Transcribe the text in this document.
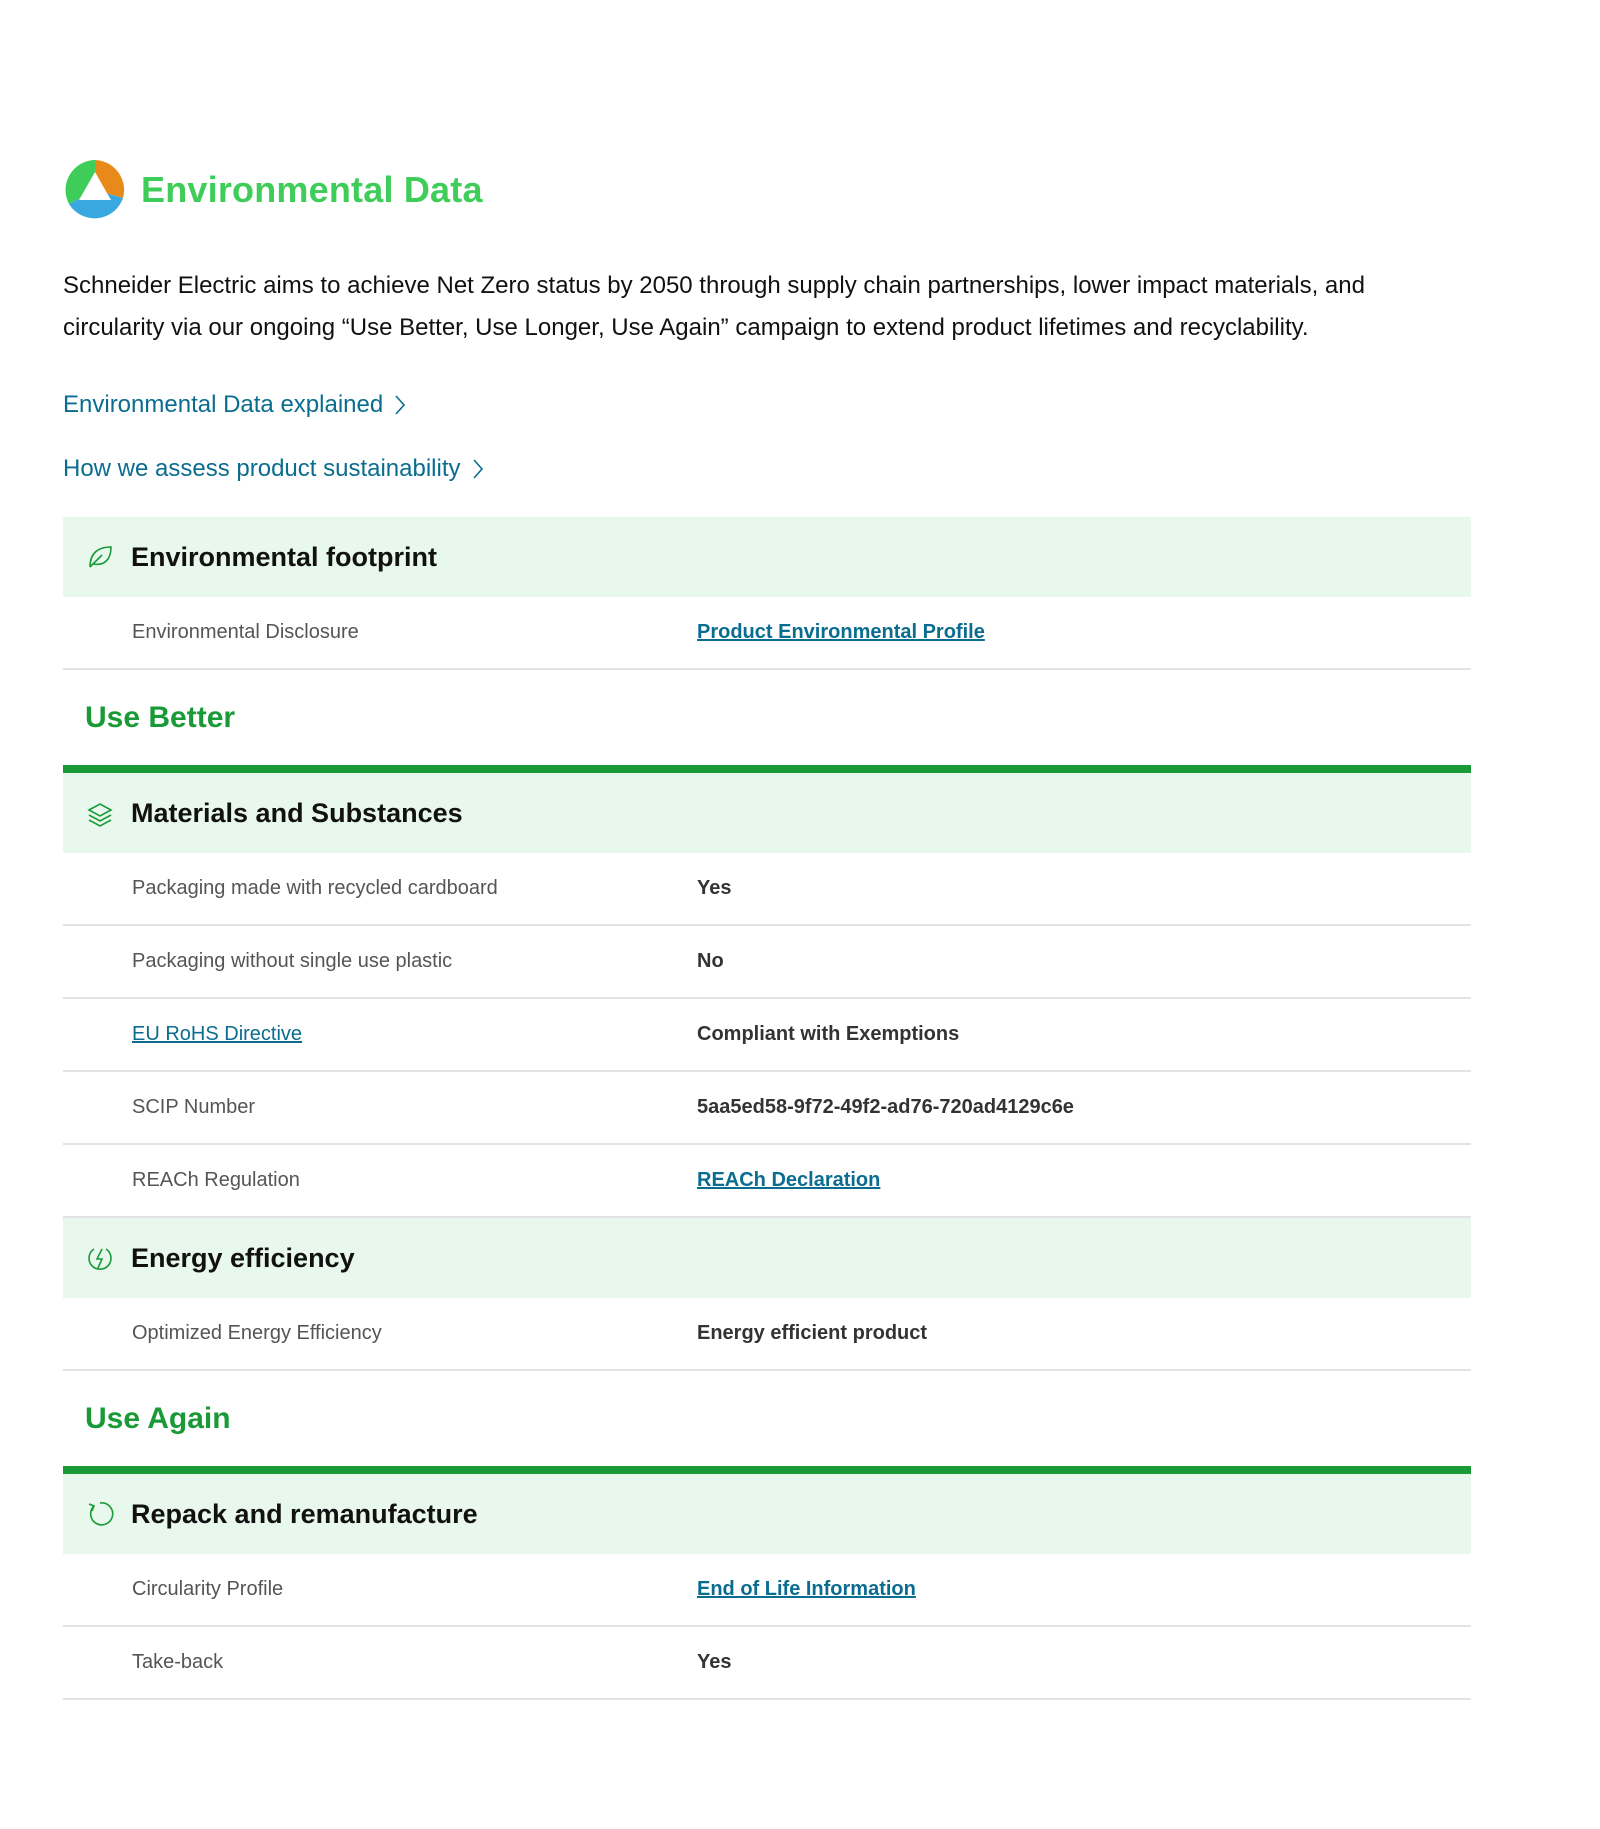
Environmental Data
Schneider Electric aims to achieve Net Zero status by 2050 through supply chain partnerships, lower impact materials, and circularity via our ongoing “Use Better, Use Longer, Use Again” campaign to extend product lifetimes and recyclability.
Environmental Data explained
How we assess product sustainability
Environmental footprint
Environmental Disclosure	Product Environmental Profile
Use Better
Materials and Substances
Packaging made with recycled cardboard	Yes
Packaging without single use plastic	No
EU RoHS Directive	Compliant with Exemptions
SCIP Number	5aa5ed58-9f72-49f2-ad76-720ad4129c6e
REACh Regulation	REACh Declaration
Energy efficiency
Optimized Energy Efficiency	Energy efficient product
Use Again
Repack and remanufacture
Circularity Profile	End of Life Information
Take-back	Yes
